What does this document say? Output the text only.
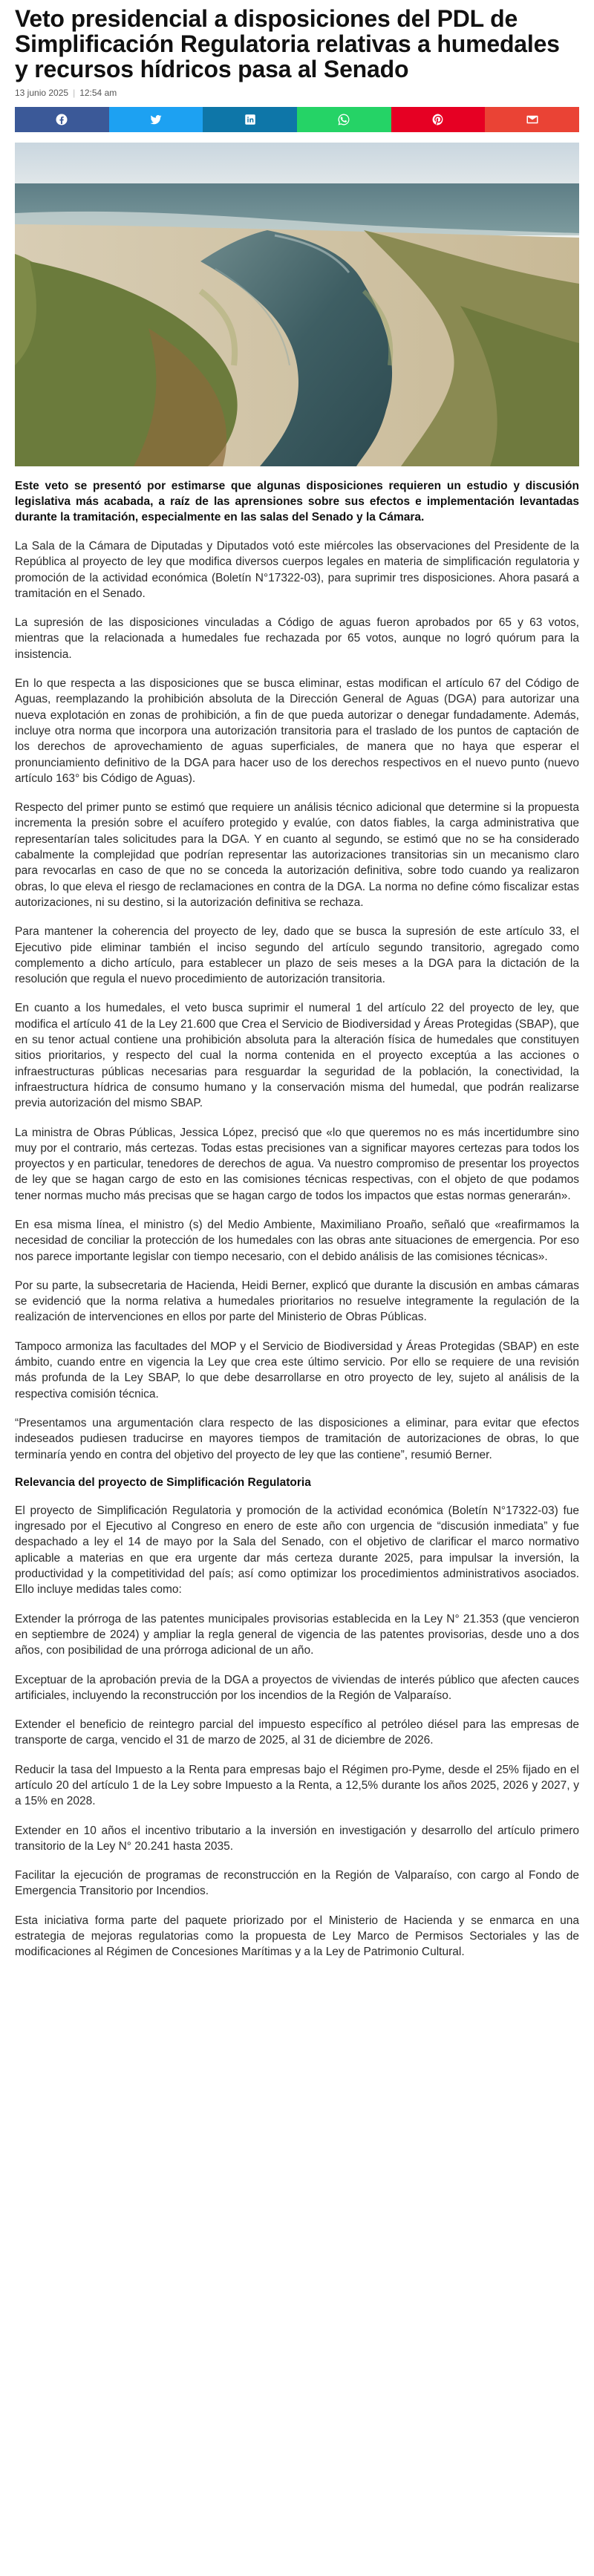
Veto presidencial a disposiciones del PDL de Simplificación Regulatoria relativas a humedales y recursos hídricos pasa al Senado
13 junio 2025 | 12:54 am

Este veto se presentó por estimarse que algunas disposiciones requieren un estudio y discusión legislativa más acabada, a raíz de las aprensiones sobre sus efectos e implementación levantadas durante la tramitación, especialmente en las salas del Senado y la Cámara.

La Sala de la Cámara de Diputadas y Diputados votó este miércoles las observaciones del Presidente de la República al proyecto de ley que modifica diversos cuerpos legales en materia de simplificación regulatoria y promoción de la actividad económica (Boletín N°17322-03), para suprimir tres disposiciones. Ahora pasará a tramitación en el Senado.

La supresión de las disposiciones vinculadas a Código de aguas fueron aprobados por 65 y 63 votos, mientras que la relacionada a humedales fue rechazada por 65 votos, aunque no logró quórum para la insistencia.

En lo que respecta a las disposiciones que se busca eliminar, estas modifican el artículo 67 del Código de Aguas, reemplazando la prohibición absoluta de la Dirección General de Aguas (DGA) para autorizar una nueva explotación en zonas de prohibición, a fin de que pueda autorizar o denegar fundadamente. Además, incluye otra norma que incorpora una autorización transitoria para el traslado de los puntos de captación de los derechos de aprovechamiento de aguas superficiales, de manera que no haya que esperar el pronunciamiento definitivo de la DGA para hacer uso de los derechos respectivos en el nuevo punto (nuevo artículo 163° bis Código de Aguas).

Respecto del primer punto se estimó que requiere un análisis técnico adicional que determine si la propuesta incrementa la presión sobre el acuífero protegido y evalúe, con datos fiables, la carga administrativa que representarían tales solicitudes para la DGA. Y en cuanto al segundo, se estimó que no se ha considerado cabalmente la complejidad que podrían representar las autorizaciones transitorias sin un mecanismo claro para revocarlas en caso de que no se conceda la autorización definitiva, sobre todo cuando ya realizaron obras, lo que eleva el riesgo de reclamaciones en contra de la DGA. La norma no define cómo fiscalizar estas autorizaciones, ni su destino, si la autorización definitiva se rechaza.

Para mantener la coherencia del proyecto de ley, dado que se busca la supresión de este artículo 33, el Ejecutivo pide eliminar también el inciso segundo del artículo segundo transitorio, agregado como complemento a dicho artículo, para establecer un plazo de seis meses a la DGA para la dictación de la resolución que regula el nuevo procedimiento de autorización transitoria.

En cuanto a los humedales, el veto busca suprimir el numeral 1 del artículo 22 del proyecto de ley, que modifica el artículo 41 de la Ley 21.600 que Crea el Servicio de Biodiversidad y Áreas Protegidas (SBAP), que en su tenor actual contiene una prohibición absoluta para la alteración física de humedales que constituyen sitios prioritarios, y respecto del cual la norma contenida en el proyecto exceptúa a las acciones o infraestructuras públicas necesarias para resguardar la seguridad de la población, la conectividad, la infraestructura hídrica de consumo humano y la conservación misma del humedal, que podrán realizarse previa autorización del mismo SBAP.

La ministra de Obras Públicas, Jessica López, precisó que «lo que queremos no es más incertidumbre sino muy por el contrario, más certezas. Todas estas precisiones van a significar mayores certezas para todos los proyectos y en particular, tenedores de derechos de agua. Va nuestro compromiso de presentar los proyectos de ley que se hagan cargo de esto en las comisiones técnicas respectivas, con el objeto de que podamos tener normas mucho más precisas que se hagan cargo de todos los impactos que estas normas generarán».

En esa misma línea, el ministro (s) del Medio Ambiente, Maximiliano Proaño, señaló que «reafirmamos la necesidad de conciliar la protección de los humedales con las obras ante situaciones de emergencia. Por eso nos parece importante legislar con tiempo necesario, con el debido análisis de las comisiones técnicas».

Por su parte, la subsecretaria de Hacienda, Heidi Berner, explicó que durante la discusión en ambas cámaras se evidenció que la norma relativa a humedales prioritarios no resuelve integramente la regulación de la realización de intervenciones en ellos por parte del Ministerio de Obras Públicas.

Tampoco armoniza las facultades del MOP y el Servicio de Biodiversidad y Áreas Protegidas (SBAP) en este ámbito, cuando entre en vigencia la Ley que crea este último servicio. Por ello se requiere de una revisión más profunda de la Ley SBAP, lo que debe desarrollarse en otro proyecto de ley, sujeto al análisis de la respectiva comisión técnica.

“Presentamos una argumentación clara respecto de las disposiciones a eliminar, para evitar que efectos indeseados pudiesen traducirse en mayores tiempos de tramitación de autorizaciones de obras, lo que terminaría yendo en contra del objetivo del proyecto de ley que las contiene”, resumió Berner.

Relevancia del proyecto de Simplificación Regulatoria

El proyecto de Simplificación Regulatoria y promoción de la actividad económica (Boletín N°17322-03) fue ingresado por el Ejecutivo al Congreso en enero de este año con urgencia de “discusión inmediata” y fue despachado a ley el 14 de mayo por la Sala del Senado, con el objetivo de clarificar el marco normativo aplicable a materias en que era urgente dar más certeza durante 2025, para impulsar la inversión, la productividad y la competitividad del país; así como optimizar los procedimientos administrativos asociados. Ello incluye medidas tales como:

Extender la prórroga de las patentes municipales provisorias establecida en la Ley N° 21.353 (que vencieron en septiembre de 2024) y ampliar la regla general de vigencia de las patentes provisorias, desde uno a dos años, con posibilidad de una prórroga adicional de un año.

Exceptuar de la aprobación previa de la DGA a proyectos de viviendas de interés público que afecten cauces artificiales, incluyendo la reconstrucción por los incendios de la Región de Valparaíso.

Extender el beneficio de reintegro parcial del impuesto específico al petróleo diésel para las empresas de transporte de carga, vencido el 31 de marzo de 2025, al 31 de diciembre de 2026.

Reducir la tasa del Impuesto a la Renta para empresas bajo el Régimen pro-Pyme, desde el 25% fijado en el artículo 20 del artículo 1 de la Ley sobre Impuesto a la Renta, a 12,5% durante los años 2025, 2026 y 2027, y a 15% en 2028.

Extender en 10 años el incentivo tributario a la inversión en investigación y desarrollo del artículo primero transitorio de la Ley N° 20.241 hasta 2035.

Facilitar la ejecución de programas de reconstrucción en la Región de Valparaíso, con cargo al Fondo de Emergencia Transitorio por Incendios.

Esta iniciativa forma parte del paquete priorizado por el Ministerio de Hacienda y se enmarca en una estrategia de mejoras regulatorias como la propuesta de Ley Marco de Permisos Sectoriales y las de modificaciones al Régimen de Concesiones Marítimas y a la Ley de Patrimonio Cultural.
